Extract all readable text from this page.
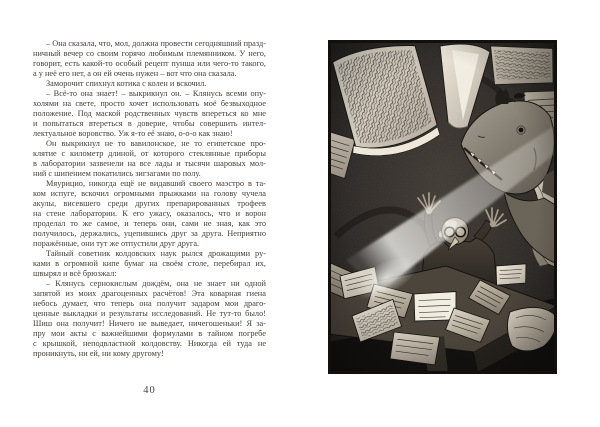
– Она сказала, что, мол, должна провести сегодняшний празд-
ничный вечер со своим горячо любимым племянником. У него,
говорит, есть какой-то особый рецепт пунша или чего-то такого,
а у неё его нет, а он ей очень нужен – вот что она сказала.
Заморочит спихнул котика с колен и вскочил.
– Всё-то она знает! – выкрикнул он. – Клянусь всеми опу-
холями на свете, просто хочет использовать моё безвыходное
положение. Под маской родственных чувств впереться ко мне
и попытаться втереться в доверие, чтобы совершить интел-
лектуальное воровство. Уж я-то её знаю, о-о-о как знаю!
Он выкрикнул не то вавилонское, не то египетское про-
клятие с километр длиной, от которого стеклянные приборы
в лаборатории зазвенели на все лады и тысячи шаровых мол-
ний с шипением покатились зигзагами по полу.
Мяурицио, никогда ещё не видавший своего маэстро в та-
ком испуге, вскочил огромными прыжками на голову чучела
акулы, висевшего среди других препарированных трофеев
на стене лаборатории. К его ужасу, оказалось, что и ворон
проделал то же самое, и теперь они, сами не зная, как это
получилось, держались, уцепившись друг за друга. Неприятно
поражённые, они тут же отпустили друг друга.
Тайный советник колдовских наук рылся дрожащими ру-
ками в огромной кипе бумаг на своём столе, перебирал их,
швырял и всё брюзжал:
– Клянусь сернокислым дождём, она не знает ни одной
запятой из моих драгоценных расчётов! Эта коварная гиена
небось думает, что теперь она получит задаром мои драго-
ценные выкладки и результаты исследований. Не тут-то было!
Шиш она получит! Ничего не выведает, ничегошеньки! Я за-
пру мои акты с важнейшими формулами в тайном погребе
с крышкой, неподвластной колдовству. Никогда ей туда не
проникнуть, ни ей, ни кому другому!
40
